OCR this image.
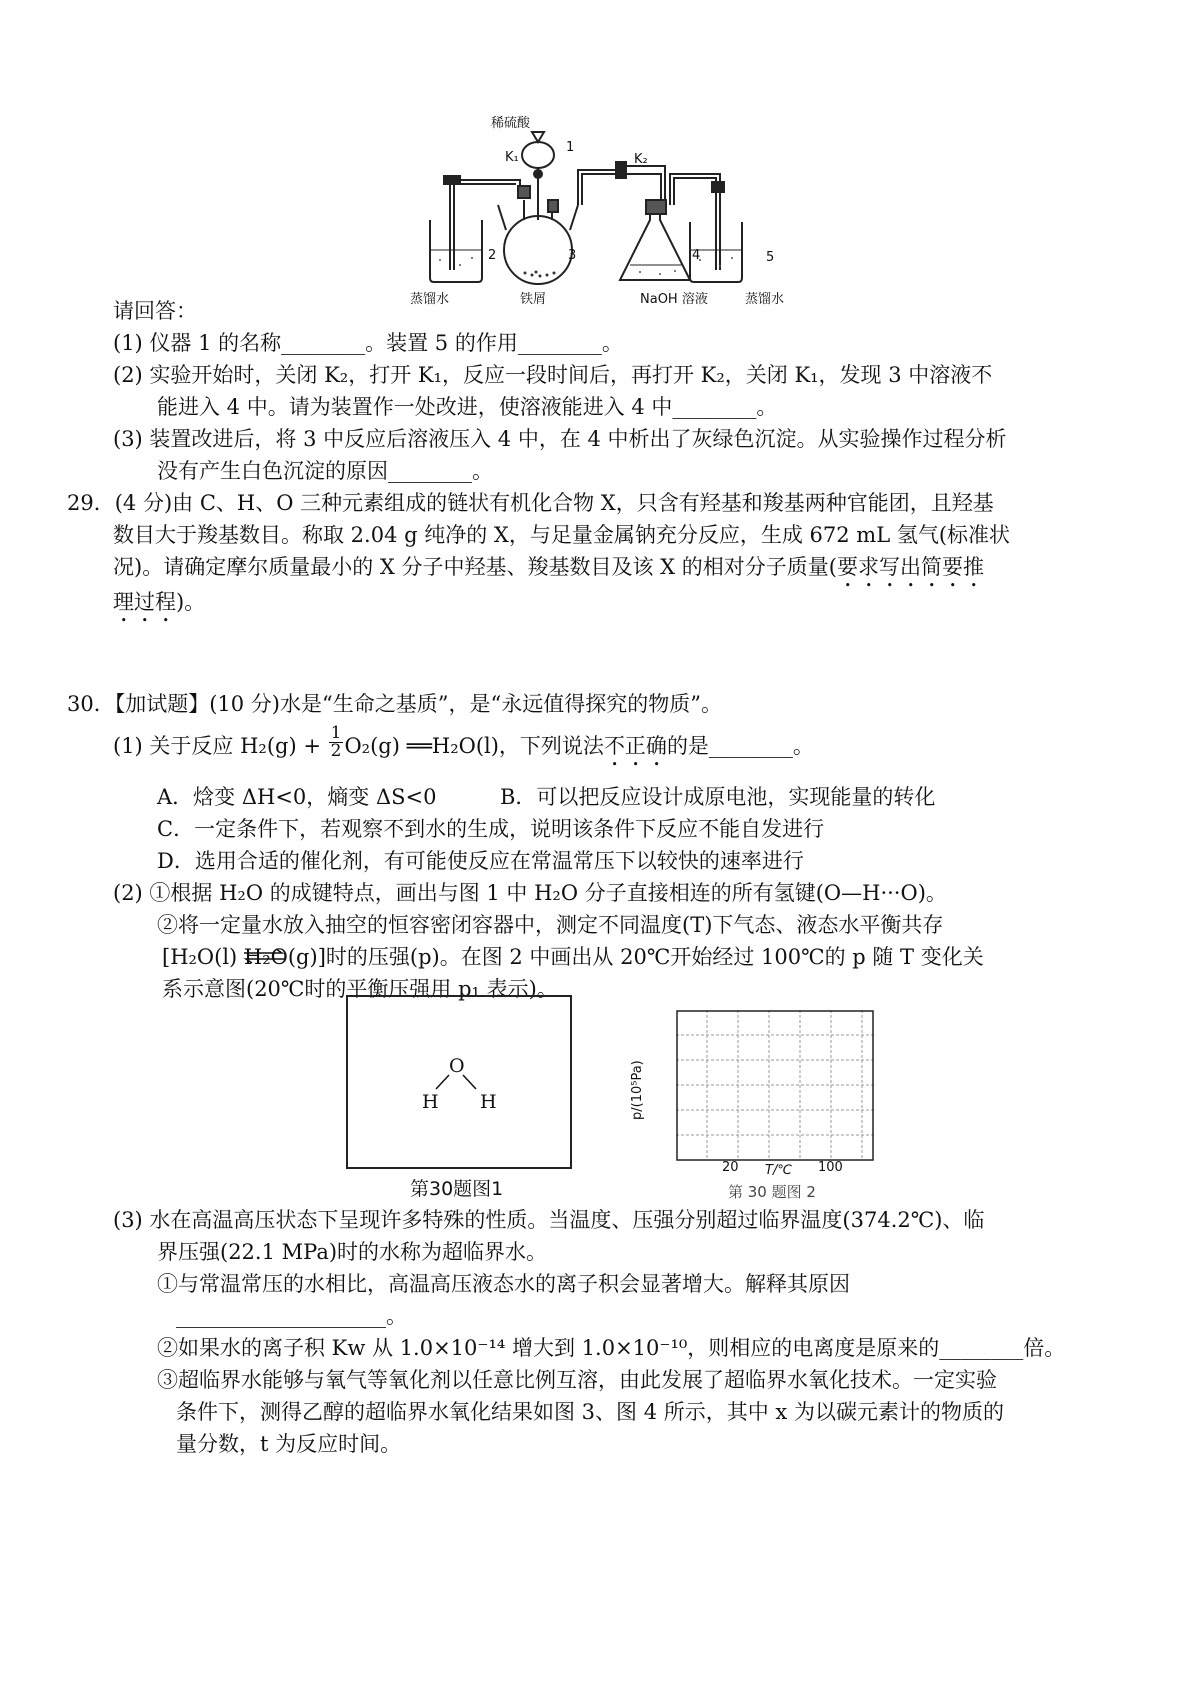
稀硫酸
K₁
1
K₂
2	3	4	5
蒸馏水	铁屑	NaOH 溶液	蒸馏水
请回答：
(1) 仪器 1 的名称________。装置 5 的作用________。
(2) 实验开始时，关闭 K₂，打开 K₁，反应一段时间后，再打开 K₂，关闭 K₁，发现 3 中溶液不
能进入 4 中。请为装置作一处改进，使溶液能进入 4 中________。
(3) 装置改进后，将 3 中反应后溶液压入 4 中，在 4 中析出了灰绿色沉淀。从实验操作过程分析
没有产生白色沉淀的原因________。
29．(4 分)由 C、H、O 三种元素组成的链状有机化合物 X，只含有羟基和羧基两种官能团，且羟基
数目大于羧基数目。称取 2.04 g 纯净的 X，与足量金属钠充分反应，生成 672 mL 氢气(标准状
况)。请确定摩尔质量最小的 X 分子中羟基、羧基数目及该 X 的相对分子质量(要求写出简要推
理过程)。
30．【加试题】(10 分)水是“生命之基质”，是“永远值得探究的物质”。
(1) 关于反应 $H_2(g) + \frac{1}{2} O_2(g)$ ══H₂O(l)，下列说法不正确的是________。
A．焓变 ΔH<0，熵变 ΔS<0	B．可以把反应设计成原电池，实现能量的转化
C．一定条件下，若观察不到水的生成，说明该条件下反应不能自发进行
D．选用合适的催化剂，有可能使反应在常温常压下以较快的速率进行
(2) ①根据 H₂O 的成键特点，画出与图 1 中 H₂O 分子直接相连的所有氢键(O—H···O)。
②将一定量水放入抽空的恒容密闭容器中，测定不同温度(T)下气态、液态水平衡共存
[H₂O(l) H₂O(g)]时的压强(p)。在图 2 中画出从 20℃开始经过 100℃的 p 随 T 变化关
系示意图(20℃时的平衡压强用 p₁ 表示)。
O
H H
第30题图1
p/(10⁵Pa)
20 T/℃ 100
第 30 题图 2
(3) 水在高温高压状态下呈现许多特殊的性质。当温度、压强分别超过临界温度(374.2℃)、临
界压强(22.1 MPa)时的水称为超临界水。
①与常温常压的水相比，高温高压液态水的离子积会显著增大。解释其原因
____________________。
②如果水的离子积 Kw 从 1.0×10⁻¹⁴ 增大到 1.0×10⁻¹⁰，则相应的电离度是原来的________倍。
③超临界水能够与氧气等氧化剂以任意比例互溶，由此发展了超临界水氧化技术。一定实验
条件下，测得乙醇的超临界水氧化结果如图 3、图 4 所示，其中 x 为以碳元素计的物质的
量分数，t 为反应时间。
